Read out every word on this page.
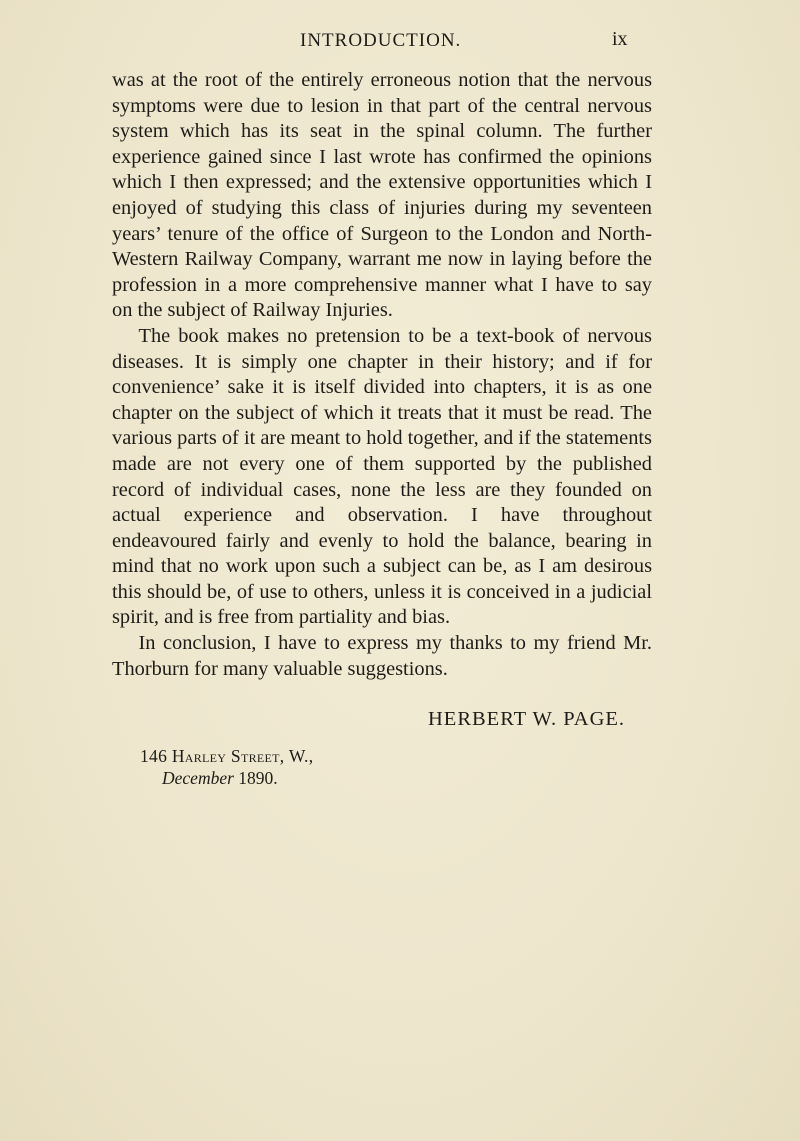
INTRODUCTION.	ix

was at the root of the entirely erroneous notion that the nervous symptoms were due to lesion in that part of the central nervous system which has its seat in the spinal column. The further experience gained since I last wrote has confirmed the opinions which I then expressed; and the extensive opportunities which I enjoyed of studying this class of injuries during my seventeen years’ tenure of the office of Surgeon to the London and North-Western Railway Company, warrant me now in laying before the profession in a more comprehensive manner what I have to say on the subject of Railway Injuries.

The book makes no pretension to be a text-book of nervous diseases. It is simply one chapter in their history; and if for convenience’ sake it is itself divided into chapters, it is as one chapter on the subject of which it treats that it must be read. The various parts of it are meant to hold together, and if the statements made are not every one of them supported by the published record of individual cases, none the less are they founded on actual experience and observation. I have throughout endeavoured fairly and evenly to hold the balance, bearing in mind that no work upon such a subject can be, as I am desirous this should be, of use to others, unless it is conceived in a judicial spirit, and is free from partiality and bias.

In conclusion, I have to express my thanks to my friend Mr. Thorburn for many valuable suggestions.

HERBERT W. PAGE.
146 Harley Street, W.,
December 1890.
